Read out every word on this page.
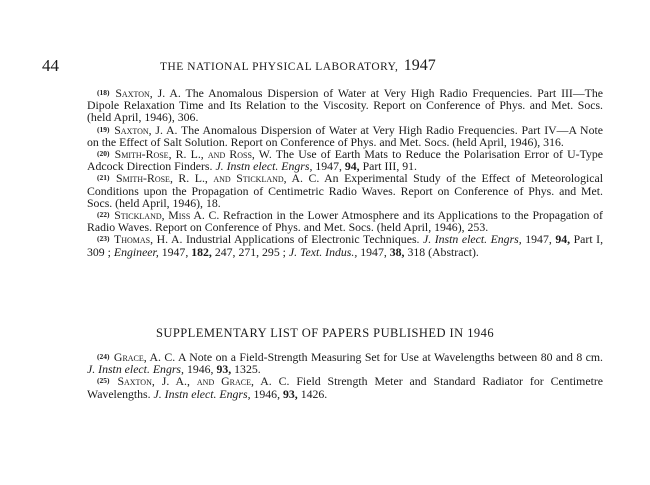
44	THE NATIONAL PHYSICAL LABORATORY, 1947

(18) Saxton, J. A. The Anomalous Dispersion of Water at Very High Radio Frequencies. Part III—The Dipole Relaxation Time and Its Relation to the Viscosity. Report on Conference of Phys. and Met. Socs. (held April, 1946), 306.

(19) Saxton, J. A. The Anomalous Dispersion of Water at Very High Radio Frequencies. Part IV—A Note on the Effect of Salt Solution. Report on Conference of Phys. and Met. Socs. (held April, 1946), 316.

(20) Smith-Rose, R. L., and Ross, W. The Use of Earth Mats to Reduce the Polarisation Error of U-Type Adcock Direction Finders. J. Instn elect. Engrs, 1947, 94, Part III, 91.

(21) Smith-Rose, R. L., and Stickland, A. C. An Experimental Study of the Effect of Meteorological Conditions upon the Propagation of Centimetric Radio Waves. Report on Conference of Phys. and Met. Socs. (held April, 1946), 18.

(22) Stickland, Miss A. C. Refraction in the Lower Atmosphere and its Applications to the Propagation of Radio Waves. Report on Conference of Phys. and Met. Socs. (held April, 1946), 253.

(23) Thomas, H. A. Industrial Applications of Electronic Techniques. J. Instn elect. Engrs, 1947, 94, Part I, 309 ; Engineer, 1947, 182, 247, 271, 295 ; J. Text. Indus., 1947, 38, 318 (Abstract).

SUPPLEMENTARY LIST OF PAPERS PUBLISHED IN 1946

(24) Grace, A. C. A Note on a Field-Strength Measuring Set for Use at Wavelengths between 80 and 8 cm. J. Instn elect. Engrs, 1946, 93, 1325.

(25) Saxton, J. A., and Grace, A. C. Field Strength Meter and Standard Radiator for Centimetre Wavelengths. J. Instn elect. Engrs, 1946, 93, 1426.
